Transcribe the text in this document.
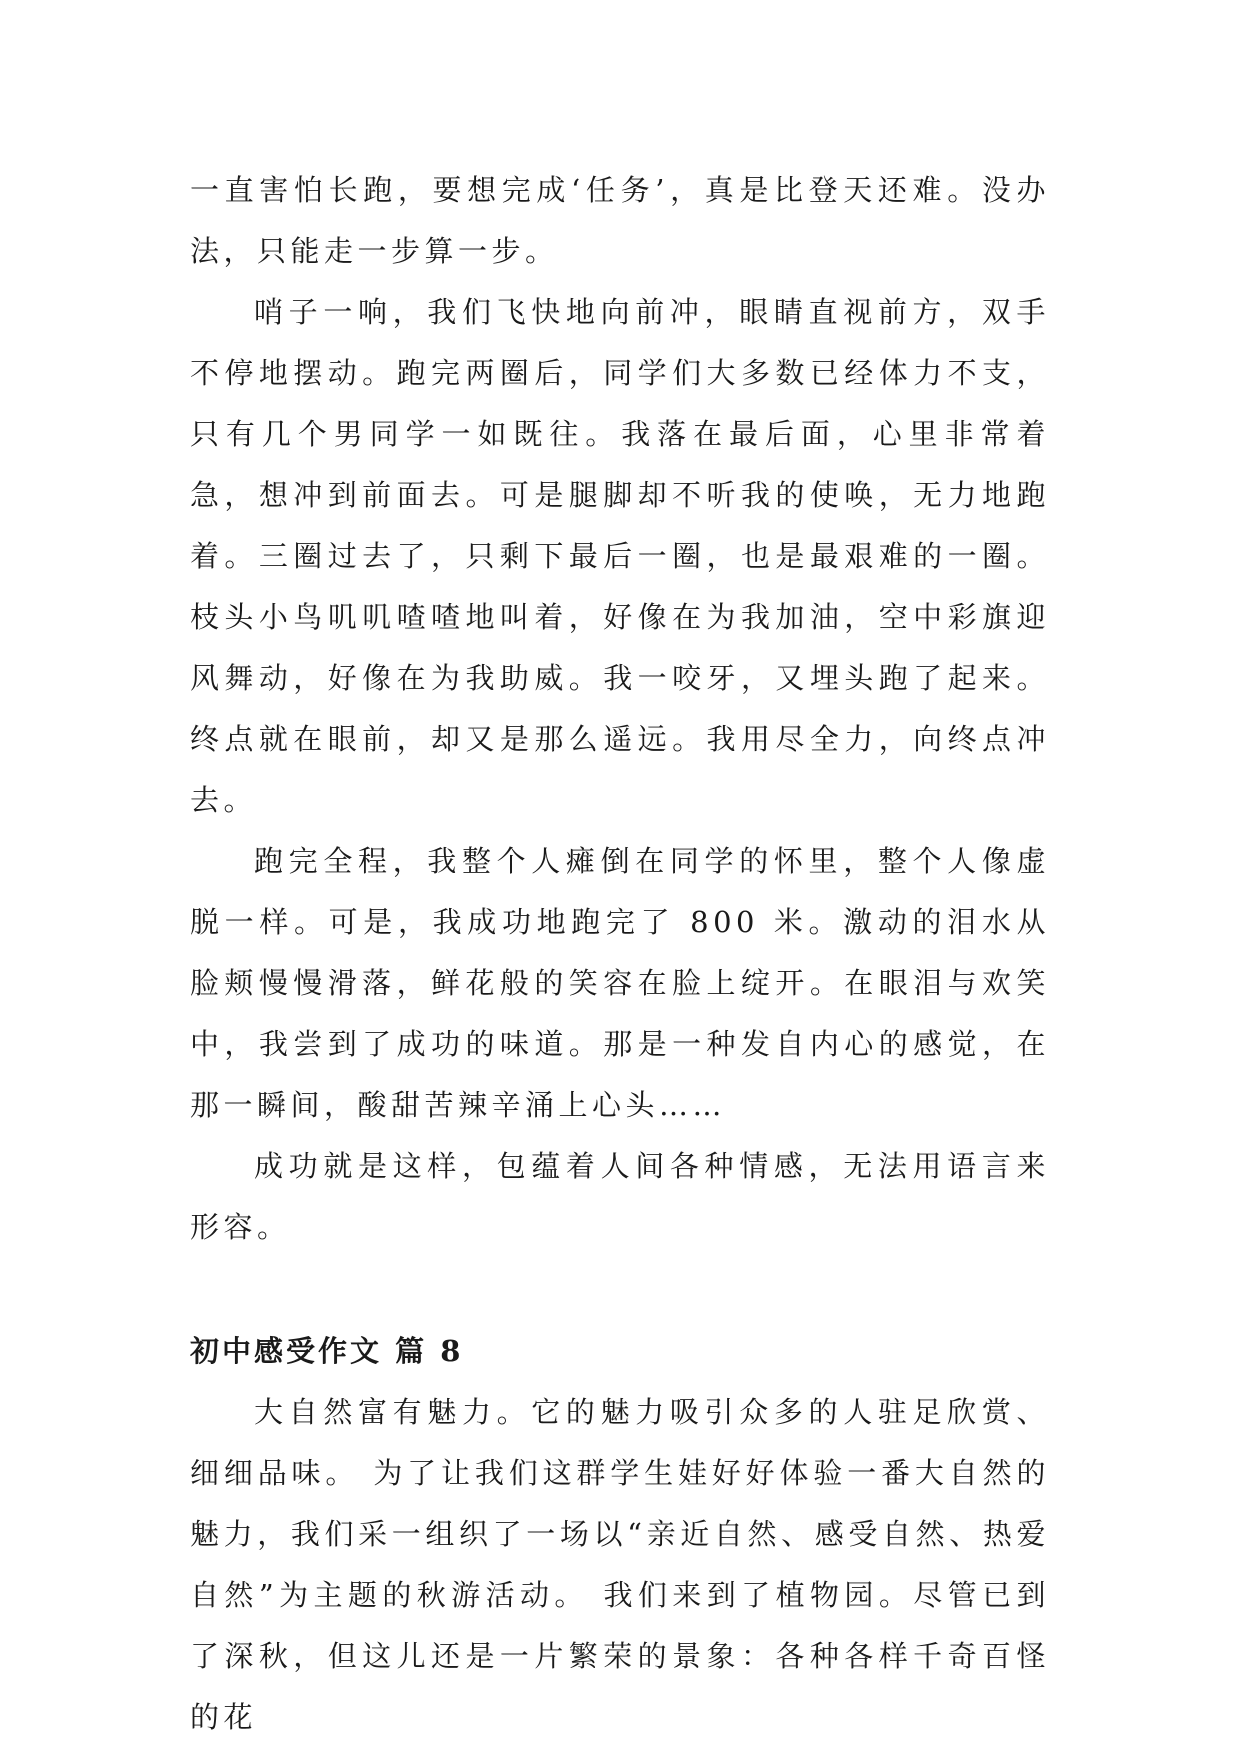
一直害怕长跑，要想完成‘任务’，真是比登天还难。没办法，只能走一步算一步。

哨子一响，我们飞快地向前冲，眼睛直视前方，双手不停地摆动。跑完两圈后，同学们大多数已经体力不支，只有几个男同学一如既往。我落在最后面，心里非常着急，想冲到前面去。可是腿脚却不听我的使唤，无力地跑着。三圈过去了，只剩下最后一圈，也是最艰难的一圈。枝头小鸟叽叽喳喳地叫着，好像在为我加油，空中彩旗迎风舞动，好像在为我助威。我一咬牙，又埋头跑了起来。终点就在眼前，却又是那么遥远。我用尽全力，向终点冲去。

跑完全程，我整个人瘫倒在同学的怀里，整个人像虚脱一样。可是，我成功地跑完了 800 米。激动的泪水从脸颊慢慢滑落，鲜花般的笑容在脸上绽开。在眼泪与欢笑中，我尝到了成功的味道。那是一种发自内心的感觉，在那一瞬间，酸甜苦辣辛涌上心头……

成功就是这样，包蕴着人间各种情感，无法用语言来形容。

初中感受作文 篇 8

大自然富有魅力。它的魅力吸引众多的人驻足欣赏、细细品味。 为了让我们这群学生娃好好体验一番大自然的魅力，我们采一组织了一场以“亲近自然、感受自然、热爱自然”为主题的秋游活动。 我们来到了植物园。尽管已到了深秋，但这儿还是一片繁荣的景象：各种各样千奇百怪的花
